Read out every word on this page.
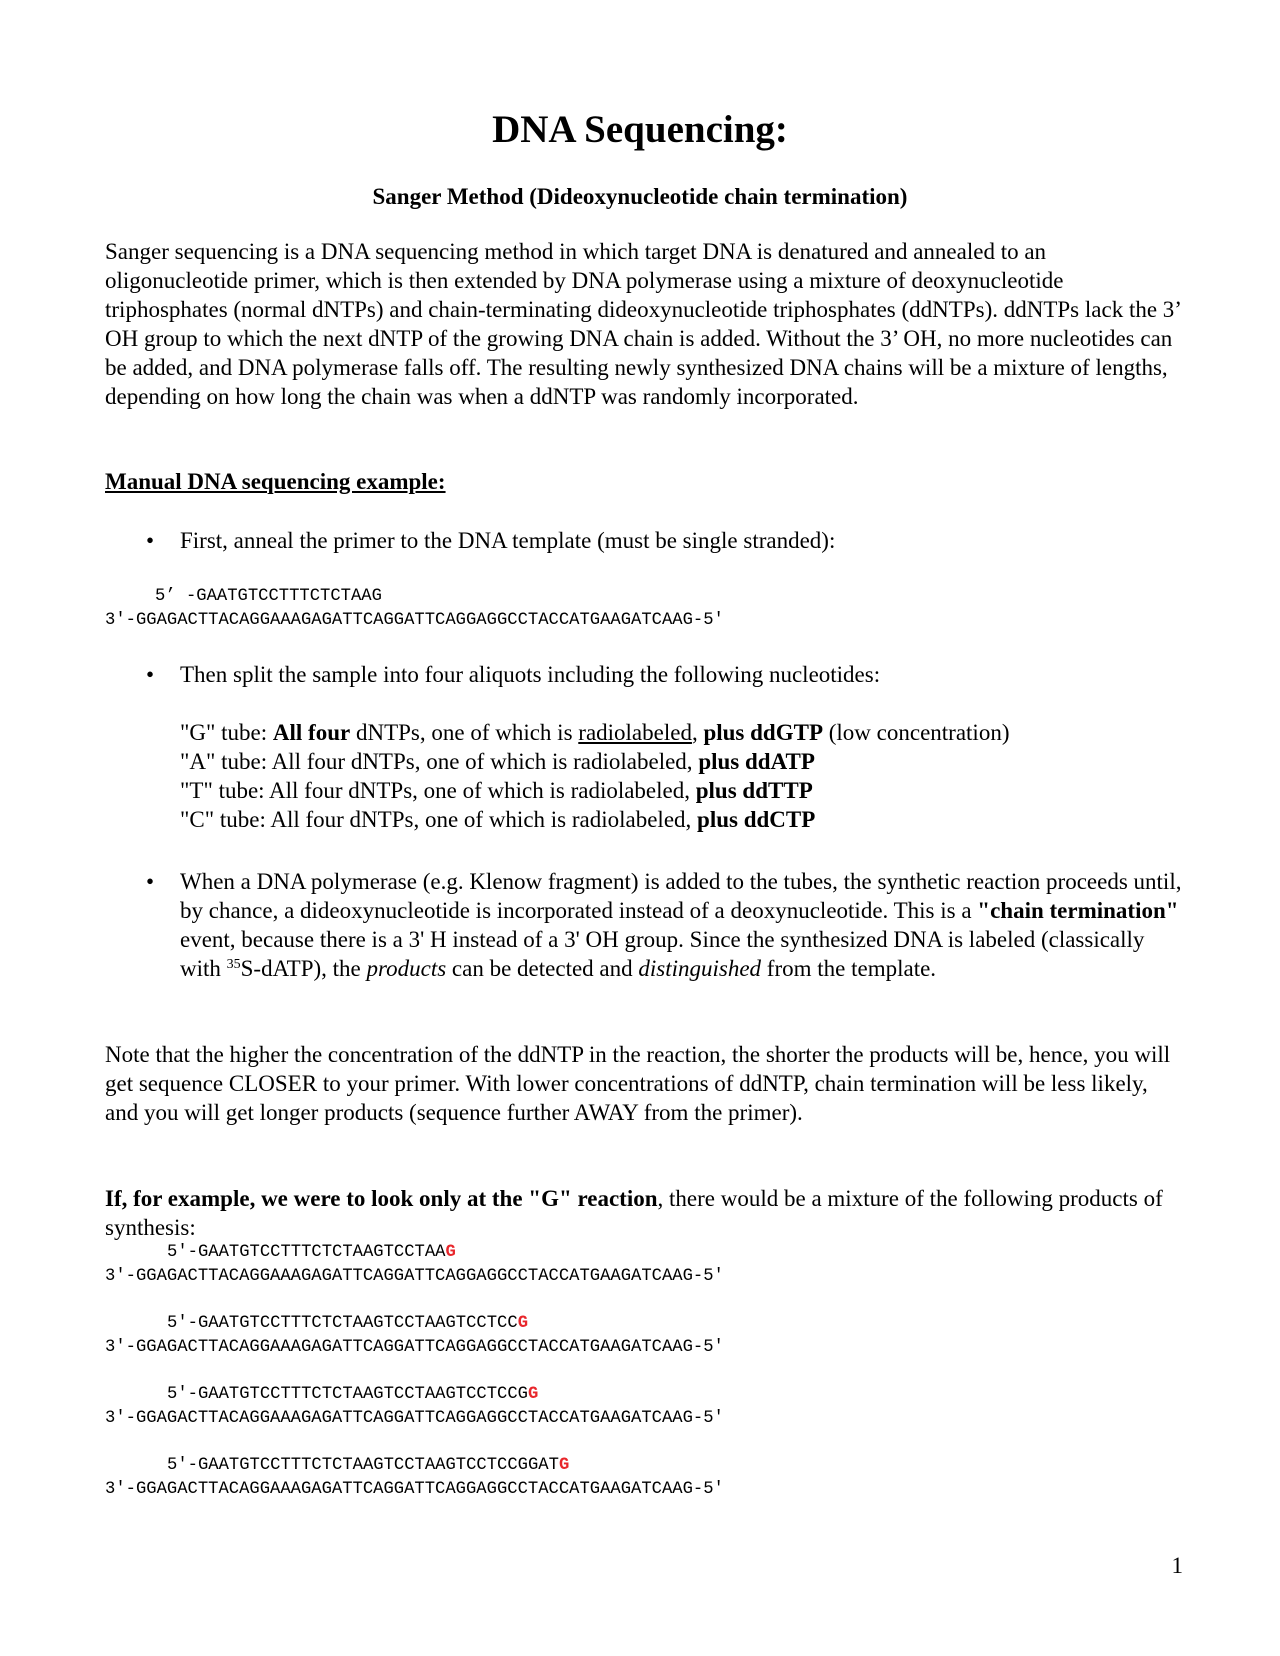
DNA Sequencing:
Sanger Method (Dideoxynucleotide chain termination)

Sanger sequencing is a DNA sequencing method in which target DNA is denatured and annealed to an oligonucleotide primer, which is then extended by DNA polymerase using a mixture of deoxynucleotide triphosphates (normal dNTPs) and chain-terminating dideoxynucleotide triphosphates (ddNTPs). ddNTPs lack the 3’ OH group to which the next dNTP of the growing DNA chain is added. Without the 3’ OH, no more nucleotides can be added, and DNA polymerase falls off. The resulting newly synthesized DNA chains will be a mixture of lengths, depending on how long the chain was when a ddNTP was randomly incorporated.

Manual DNA sequencing example:

•	First, anneal the primer to the DNA template (must be single stranded):

5’ -GAATGTCCTTTCTCTAAG
3'-GGAGACTTACAGGAAAGAGATTCAGGATTCAGGAGGCCTACCATGAAGATCAAG-5'
•	Then split the sample into four aliquots including the following nucleotides:

"G" tube: All four dNTPs, one of which is radiolabeled, plus ddGTP (low concentration)
"A" tube: All four dNTPs, one of which is radiolabeled, plus ddATP
"T" tube: All four dNTPs, one of which is radiolabeled, plus ddTTP
"C" tube: All four dNTPs, one of which is radiolabeled, plus ddCTP
•	When a DNA polymerase (e.g. Klenow fragment) is added to the tubes, the synthetic reaction proceeds until, by chance, a dideoxynucleotide is incorporated instead of a deoxynucleotide. This is a "chain termination" event, because there is a 3' H instead of a 3' OH group. Since the synthesized DNA is labeled (classically with $^{35}$S-dATP), the products can be detected and distinguished from the template.

Note that the higher the concentration of the ddNTP in the reaction, the shorter the products will be, hence, you will get sequence CLOSER to your primer. With lower concentrations of ddNTP, chain termination will be less likely, and you will get longer products (sequence further AWAY from the primer).

If, for example, we were to look only at the "G" reaction, there would be a mixture of the following products of synthesis:

5'-GAATGTCCTTTCTCTAAGTCCTAAG
3'-GGAGACTTACAGGAAAGAGATTCAGGATTCAGGAGGCCTACCATGAAGATCAAG-5'
5'-GAATGTCCTTTCTCTAAGTCCTAAGTCCTCCG
3'-GGAGACTTACAGGAAAGAGATTCAGGATTCAGGAGGCCTACCATGAAGATCAAG-5'
5'-GAATGTCCTTTCTCTAAGTCCTAAGTCCTCCGG
3'-GGAGACTTACAGGAAAGAGATTCAGGATTCAGGAGGCCTACCATGAAGATCAAG-5'
5'-GAATGTCCTTTCTCTAAGTCCTAAGTCCTCCGGATG
3'-GGAGACTTACAGGAAAGAGATTCAGGATTCAGGAGGCCTACCATGAAGATCAAG-5'
1
